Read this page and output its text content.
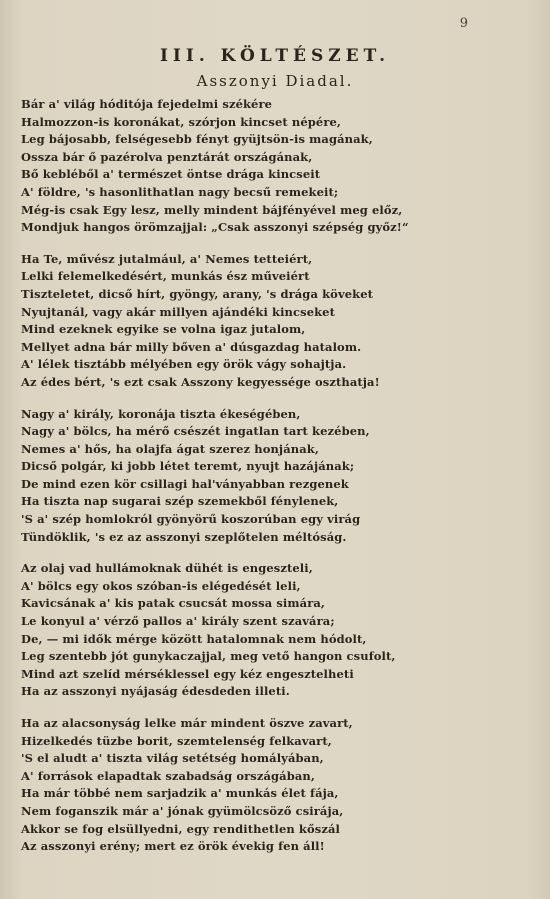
9
III. KÖLTÉSZET.
Asszonyi Diadal.
Bár a' világ hóditója fejedelmi székére
Halmozzon-is koronákat, szórjon kincset népére,
Leg bájosabb, felségesebb fényt gyüjtsön-is magának,
Ossza bár ő pazérolva penztárát országának,
Bő kebléből a' természet öntse drága kincseit
A' földre, 's hasonlithatlan nagy becsű remekeit;
Még-is csak Egy lesz, melly mindent bájfényével meg előz,
Mondjuk hangos örömzajjal: „Csak asszonyi szépség győz!“
Ha Te, művész jutalmául, a' Nemes tetteiért,
Lelki felemelkedésért, munkás ész műveiért
Tiszteletet, dicső hírt, gyöngy, arany, 's drága köveket
Nyujtanál, vagy akár millyen ajándéki kincseket
Mind ezeknek egyike se volna igaz jutalom,
Mellyet adna bár milly bőven a' dúsgazdag hatalom.
A' lélek tisztább mélyében egy örök vágy sohajtja.
Az édes bért, 's ezt csak Asszony kegyessége oszthatja!
Nagy a' király, koronája tiszta ékeségében,
Nagy a' bölcs, ha mérő csészét ingatlan tart kezében,
Nemes a' hős, ha olajfa ágat szerez honjának,
Dicső polgár, ki jobb létet teremt, nyujt hazájának;
De mind ezen kör csillagi hal'ványabban rezgenek
Ha tiszta nap sugarai szép szemekből fénylenek,
'S a' szép homlokról gyönyörű koszorúban egy virág
Tündöklik, 's ez az asszonyi szeplőtelen méltóság.
Az olaj vad hullámoknak dühét is engeszteli,
A' bölcs egy okos szóban-is elégedését leli,
Kavicsának a' kis patak csucsát mossa simára,
Le konyul a' vérző pallos a' király szent szavára;
De, — mi idők mérge között hatalomnak nem hódolt,
Leg szentebb jót gunykaczajjal, meg vető hangon csufolt,
Mind azt szelíd mérséklessel egy kéz engesztelheti
Ha az asszonyi nyájaság édesdeden illeti.
Ha az alacsonyság lelke már mindent öszve zavart,
Hizelkedés tüzbe borit, szemtelenség felkavart,
'S el aludt a' tiszta világ setétség homályában,
A' források elapadtak szabadság országában,
Ha már többé nem sarjadzik a' munkás élet fája,
Nem foganszik már a' jónak gyümölcsöző csirája,
Akkor se fog elsüllyedni, egy rendithetlen kőszál
Az asszonyi erény; mert ez örök évekig fen áll!
